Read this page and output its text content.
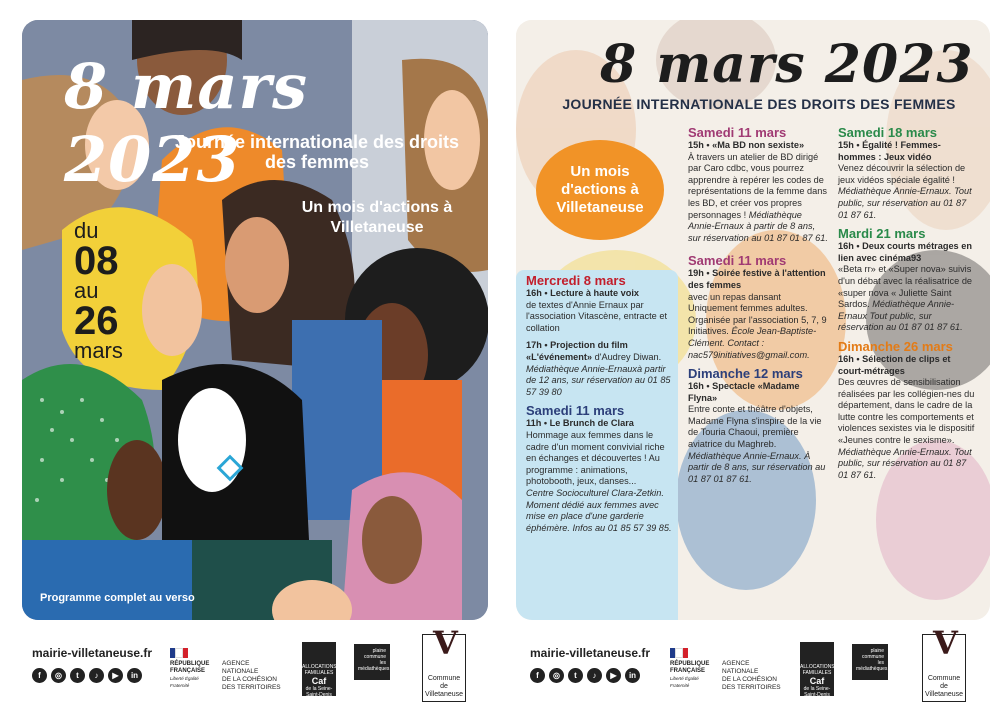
8 mars 2023
Journée internationale des droits des femmes
Un mois d'actions à Villetaneuse
du
08
au
26
mars
Programme complet au verso
8 mars 2023
JOURNÉE INTERNATIONALE DES DROITS DES FEMMES
Un mois d'actions à Villetaneuse
Mercredi 8 mars

16h • Lecture à haute voix
de textes d'Annie Ernaux par l'association Vitascène, entracte et collation

17h • Projection du film «L'événement» d'Audrey Diwan. Médiathèque Annie-Ernauxà partir de 12 ans, sur réservation au 01 85 57 39 80

Samedi 11 mars

11h • Le Brunch de Clara
Hommage aux femmes dans le cadre d'un moment convivial riche en échanges et découvertes ! Au programme : animations, photobooth, jeux, danses...
Centre Socioculturel Clara-Zetkin. Moment dédié aux femmes avec mise en place d'une garderie éphémère. Infos au 01 85 57 39 85.

Samedi 11 mars

15h • «Ma BD non sexiste»
À travers un atelier de BD dirigé par Caro cdbc, vous pourrez apprendre à repérer les codes de représentations de la femme dans les BD, et créer vos propres personnages ! Médiathèque Annie-Ernaux à partir de 8 ans, sur réservation au 01 87 01 87 61.

Samedi 11 mars

19h • Soirée festive à l'attention des femmes
avec un repas dansant Uniquement femmes adultes. Organisée par l'association 5, 7, 9 Initiatives. École Jean-Baptiste-Clément. Contact : nac579initiatives@gmail.com.

Dimanche 12 mars

16h • Spectacle «Madame Flyna»
Entre conte et théâtre d'objets, Madame Flyna s'inspire de la vie de Touria Chaoui, première aviatrice du Maghreb. Médiathèque Annie-Ernaux. À partir de 8 ans, sur réservation au 01 87 01 87 61.

Samedi 18 mars

15h • Égalité ! Femmes-hommes : Jeux vidéo
Venez découvrir la sélection de jeux vidéos spéciale égalité ! Médiathèque Annie-Ernaux. Tout public, sur réservation au 01 87 01 87 61.

Mardi 21 mars

16h • Deux courts métrages en lien avec cinéma93
«Beta rr» et «Super nova» suivis d'un débat avec la réalisatrice de «super nova « Juliette Saint Sardos. Médiathèque Annie-Ernaux Tout public, sur réservation au 01 87 01 87 61.

Dimanche 26 mars

16h • Sélection de clips et court-métrages
Des œuvres de sensibilisation réalisées par les collégien-nes du département, dans le cadre de la lutte contre les comportements et violences sexistes via le dispositif «Jeunes contre le sexisme». Médiathèque Annie-Ernaux. Tout public, sur réservation au 01 87 01 87 61.

mairie-villetaneuse.fr
f	◎	t	♪	▶	in
RÉPUBLIQUE
FRANÇAISE
Liberté Égalité Fraternité
AGENCE
NATIONALE
DE LA COHÉSION
DES TERRITOIRES
ALLOCATIONS FAMILIALES
Caf
de la Seine-Saint-Denis
plaine commune
les médiathèques
V
Commune de
Villetaneuse
mairie-villetaneuse.fr
f	◎	t	♪	▶	in
RÉPUBLIQUE
FRANÇAISE
Liberté Égalité Fraternité
AGENCE
NATIONALE
DE LA COHÉSION
DES TERRITOIRES
ALLOCATIONS FAMILIALES
Caf
de la Seine-Saint-Denis
plaine commune
les médiathèques
V
Commune de
Villetaneuse
